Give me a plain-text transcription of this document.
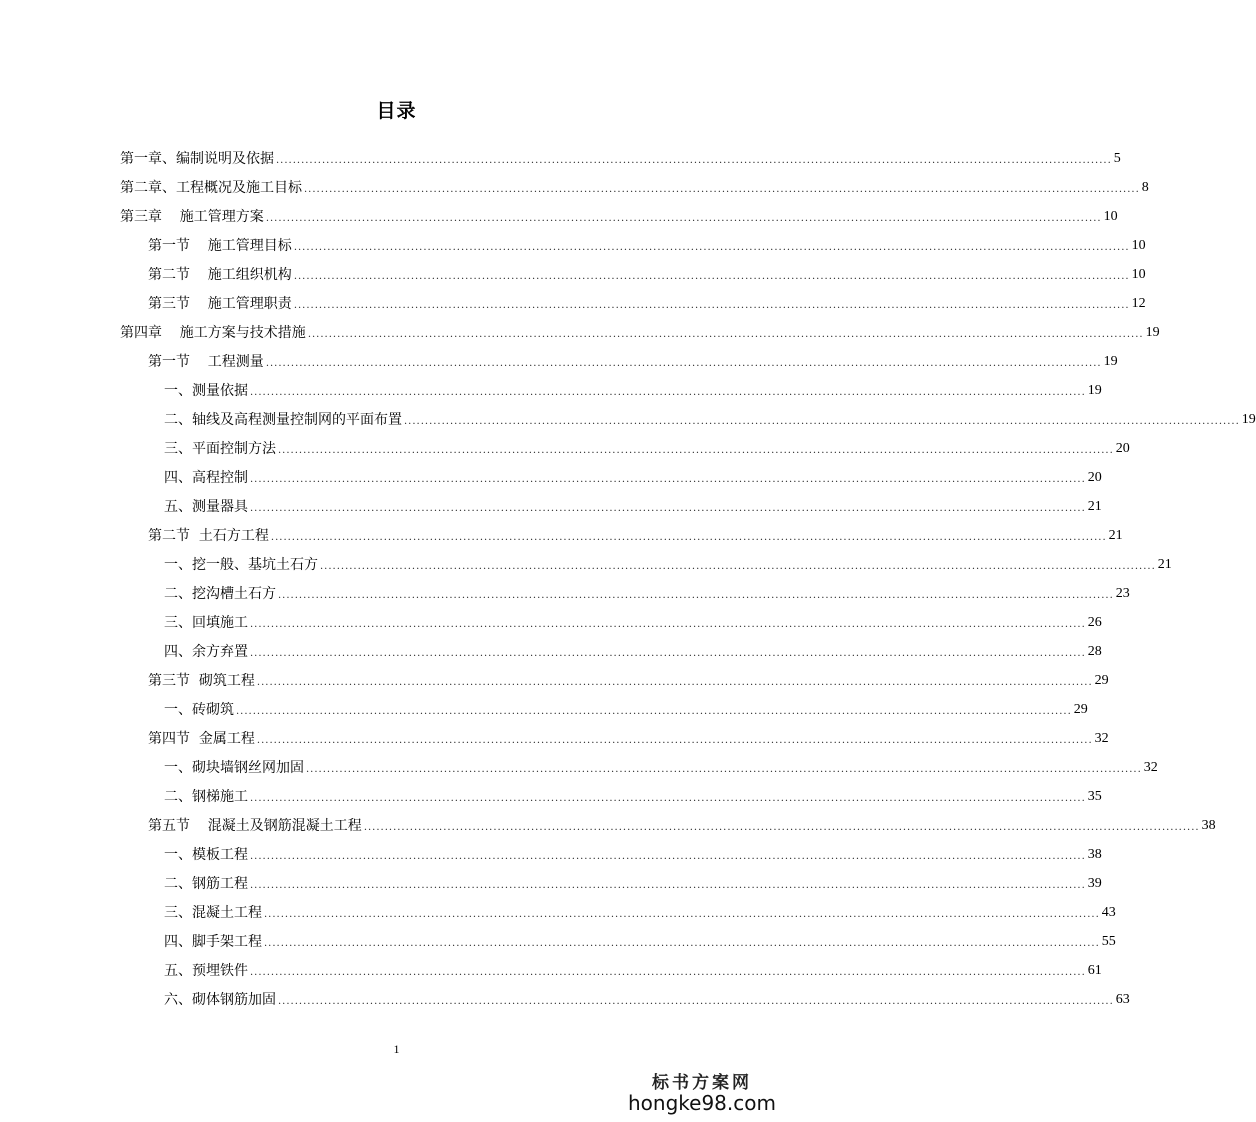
目录
第一章、编制说明及依据 ........................................................................................................................................................................................................ 5
第二章、工程概况及施工目标 ........................................................................................................................................................................................................ 8
第三章    施工管理方案 ........................................................................................................................................................................................................ 10
第一节    施工管理目标 ........................................................................................................................................................................................................ 10
第二节    施工组织机构 ........................................................................................................................................................................................................ 10
第三节    施工管理职责 ........................................................................................................................................................................................................ 12
第四章    施工方案与技术措施 ........................................................................................................................................................................................................ 19
第一节    工程测量 ........................................................................................................................................................................................................ 19
一、测量依据 ........................................................................................................................................................................................................ 19
二、轴线及高程测量控制网的平面布置 ........................................................................................................................................................................................................ 19
三、平面控制方法 ........................................................................................................................................................................................................ 20
四、高程控制 ........................................................................................................................................................................................................ 20
五、测量器具 ........................................................................................................................................................................................................ 21
第二节  土石方工程 ........................................................................................................................................................................................................ 21
一、挖一般、基坑土石方 ........................................................................................................................................................................................................ 21
二、挖沟槽土石方 ........................................................................................................................................................................................................ 23
三、回填施工 ........................................................................................................................................................................................................ 26
四、余方弃置 ........................................................................................................................................................................................................ 28
第三节  砌筑工程 ........................................................................................................................................................................................................ 29
一、砖砌筑 ........................................................................................................................................................................................................ 29
第四节  金属工程 ........................................................................................................................................................................................................ 32
一、砌块墙钢丝网加固 ........................................................................................................................................................................................................ 32
二、钢梯施工 ........................................................................................................................................................................................................ 35
第五节    混凝土及钢筋混凝土工程 ........................................................................................................................................................................................................ 38
一、模板工程 ........................................................................................................................................................................................................ 38
二、钢筋工程 ........................................................................................................................................................................................................ 39
三、混凝土工程 ........................................................................................................................................................................................................ 43
四、脚手架工程 ........................................................................................................................................................................................................ 55
五、预埋铁件 ........................................................................................................................................................................................................ 61
六、砌体钢筋加固 ........................................................................................................................................................................................................ 63
1
标书方案网
hongke98.com
